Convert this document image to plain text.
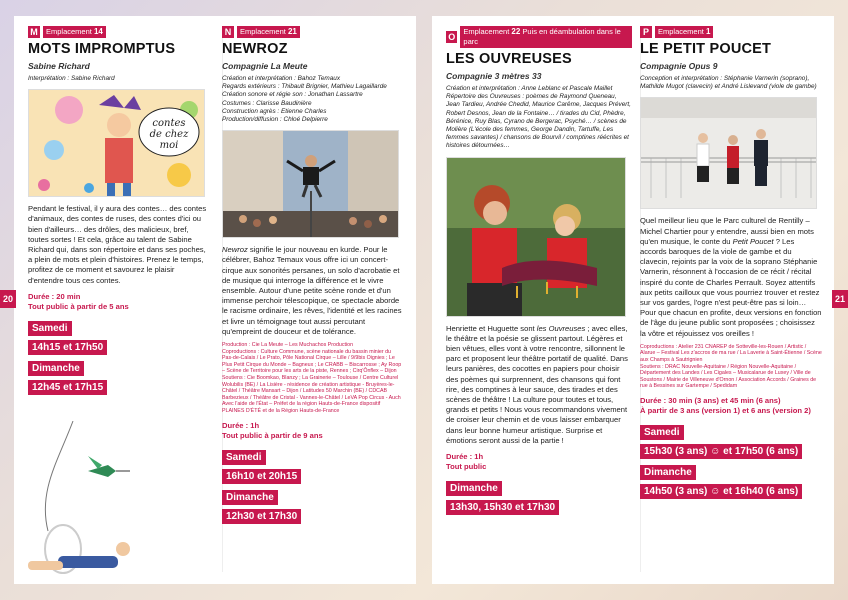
M	Emplacement 14
MOTS IMPROMPTUS
Sabine Richard
Interprétation : Sabine Richard
contes
de chez
moi
Pendant le festival, il y aura des contes… des contes d'animaux, des contes de ruses, des contes d'ici ou bien d'ailleurs… des drôles, des malicieux, bref, toutes sortes ! Et cela, grâce au talent de Sabine Richard qui, dans son répertoire et dans ses poches, a plein de mots et plein d'histoires. Prenez le temps, profitez de ce moment et savourez le plaisir d'entendre tous ces contes.
Durée : 20 min
Tout public à partir de 5 ans
Samedi
14h15 et 17h50
Dimanche
12h45 et 17h15
N	Emplacement 21
NEWROZ
Compagnie La Meute
Création et interprétation : Bahoz Temaux
Regards extérieurs : Thibault Brignier, Mathieu Lagaillarde
Création sonore et régie son : Jonathan Lassartre
Costumes : Clarisse Baudinière
Construction agrès : Etienne Charles
Production/diffusion : Chloé Delpierre
Newroz signifie le jour nouveau en kurde. Pour le célébrer, Bahoz Temaux vous offre ici un concert-cirque aux sonorités persanes, un solo d'acrobatie et de musique qui interroge la différence et le vivre ensemble. Autour d'une petite scène ronde et d'un immense perchoir télescopique, ce spectacle aborde le racisme ordinaire, les rêves, l'identité et les racines et livre un témoignage tout aussi percutant qu'empreint de douceur et de tolérance.
Production : Cie La Meute – Les Muchachos Production
Coproductions : Culture Commune, scène nationale du bassin minier du Pas-de-Calais / Le Prato, Pôle National Cirque – Lille / 9/9bis Oignies ; Le Plus Petit Cirque du Monde – Bagneux ; Le CRABB – Biscarrosse ; Ay Roop – Scène de Territoire pour les arts de la piste, Rennes ; Cirq'Ônflex – Dijon
Soutiens : Cie Boomkao, Blanzy ; La Grainerie – Toulouse / Centre Culturel Wolubilis (BE) / La Lisière - résidence de création artistique - Bruyères-le-Châtel / Théâtre Mansart – Dijon / Latitudes 50 Marchin (BE) / CDCAB Barbezieux / Théâtre de Cristal - Vannes-le-Châtel / LeVA Pop Circus - Auch
Avec l'aide de l'État – Préfet de la région Hauts-de-France dispositif PLAINES D'ÉTÉ et de la Région Hauts-de-France
Durée : 1h
Tout public à partir de 9 ans
Samedi
16h10 et 20h15
Dimanche
12h30 et 17h30
20
O
Emplacement 22 Puis en déambulation dans le parc
LES OUVREUSES
Compagnie 3 mètres 33
Création et interprétation : Anne Leblanc et Pascale Maillet
Répertoire des Ouvreuses : poèmes de Raymond Queneau, Jean Tardieu, Andrée Chedid, Maurice Carême, Jacques Prévert, Robert Desnos, Jean de la Fontaine… / tirades du Cid, Phèdre, Bérénice, Ruy Blas, Cyrano de Bergerac, Psyché… / scènes de Molière (L'école des femmes, George Dandin, Tartuffe, Les femmes savantes) / chansons de Bourvil / comptines réécrites et histoires détournées…
Henriette et Huguette sont les Ouvreuses ; avec elles, le théâtre et la poésie se glissent partout. Légères et bien vêtues, elles vont à votre rencontre, sillonnent le parc et proposent leur théâtre portatif de qualité. Dans leurs panières, des cocottes en papiers pour choisir des poèmes qui surprennent, des chansons qui font rire, des comptines à leur sauce, des tirades et des scènes de théâtre ! La culture pour toutes et tous, grands et petits ! Nous vous recommandons vivement de croiser leur chemin et de vous laisser embarquer dans leur bonne humeur artistique. Surprise et émotions seront aussi de la partie !
Durée : 1h
Tout public
Dimanche
13h30, 15h30 et 17h30
P	Emplacement 1
LE PETIT POUCET
Compagnie Opus 9
Conception et interprétation : Stéphanie Varnerin (soprano), Mathilde Mugot (clavecin) et André Lislevand (viole de gambe)
Quel meilleur lieu que le Parc culturel de Rentilly – Michel Chartier pour y entendre, aussi bien en mots qu'en musique, le conte du Petit Poucet ? Les accords baroques de la viole de gambe et du clavecin, rejoints par la voix de la soprano Stéphanie Varnerin, résonnent à l'occasion de ce récit / récital inspiré du conte de Charles Perrault. Soyez attentifs aux petits cailloux que vous pourriez trouver et restez sur vos gardes, l'ogre n'est peut-être pas si loin… Pour que chacun en profite, deux versions en fonction de l'âge du jeune public sont proposées ; choisissez la vôtre et réjouissez vos oreilles !
Coproductions : Atelier 231 CNAREP de Sotteville-les-Rouen / Artistic / Alarue – Festival Les z'accros de ma rue / La Laverie à Saint-Étienne / Scène aux Champs à Sautrignien
Soutiens : DRAC Nouvelle-Aquitaine / Région Nouvelle-Aquitaine / Département des Landes / Les Cigales – Musicalarue de Luxey / Ville de Soustons / Mairie de Villeneuve d'Ornon / Association Accords / Graines de rue à Bessines sur Gartempe / Spedidam
Durée : 30 min (3 ans) et 45 min (6 ans)
À partir de 3 ans (version 1) et 6 ans (version 2)
Samedi
15h30 (3 ans) ☺ et 17h50 (6 ans)
Dimanche
14h50 (3 ans) ☺ et 16h40 (6 ans)
21
